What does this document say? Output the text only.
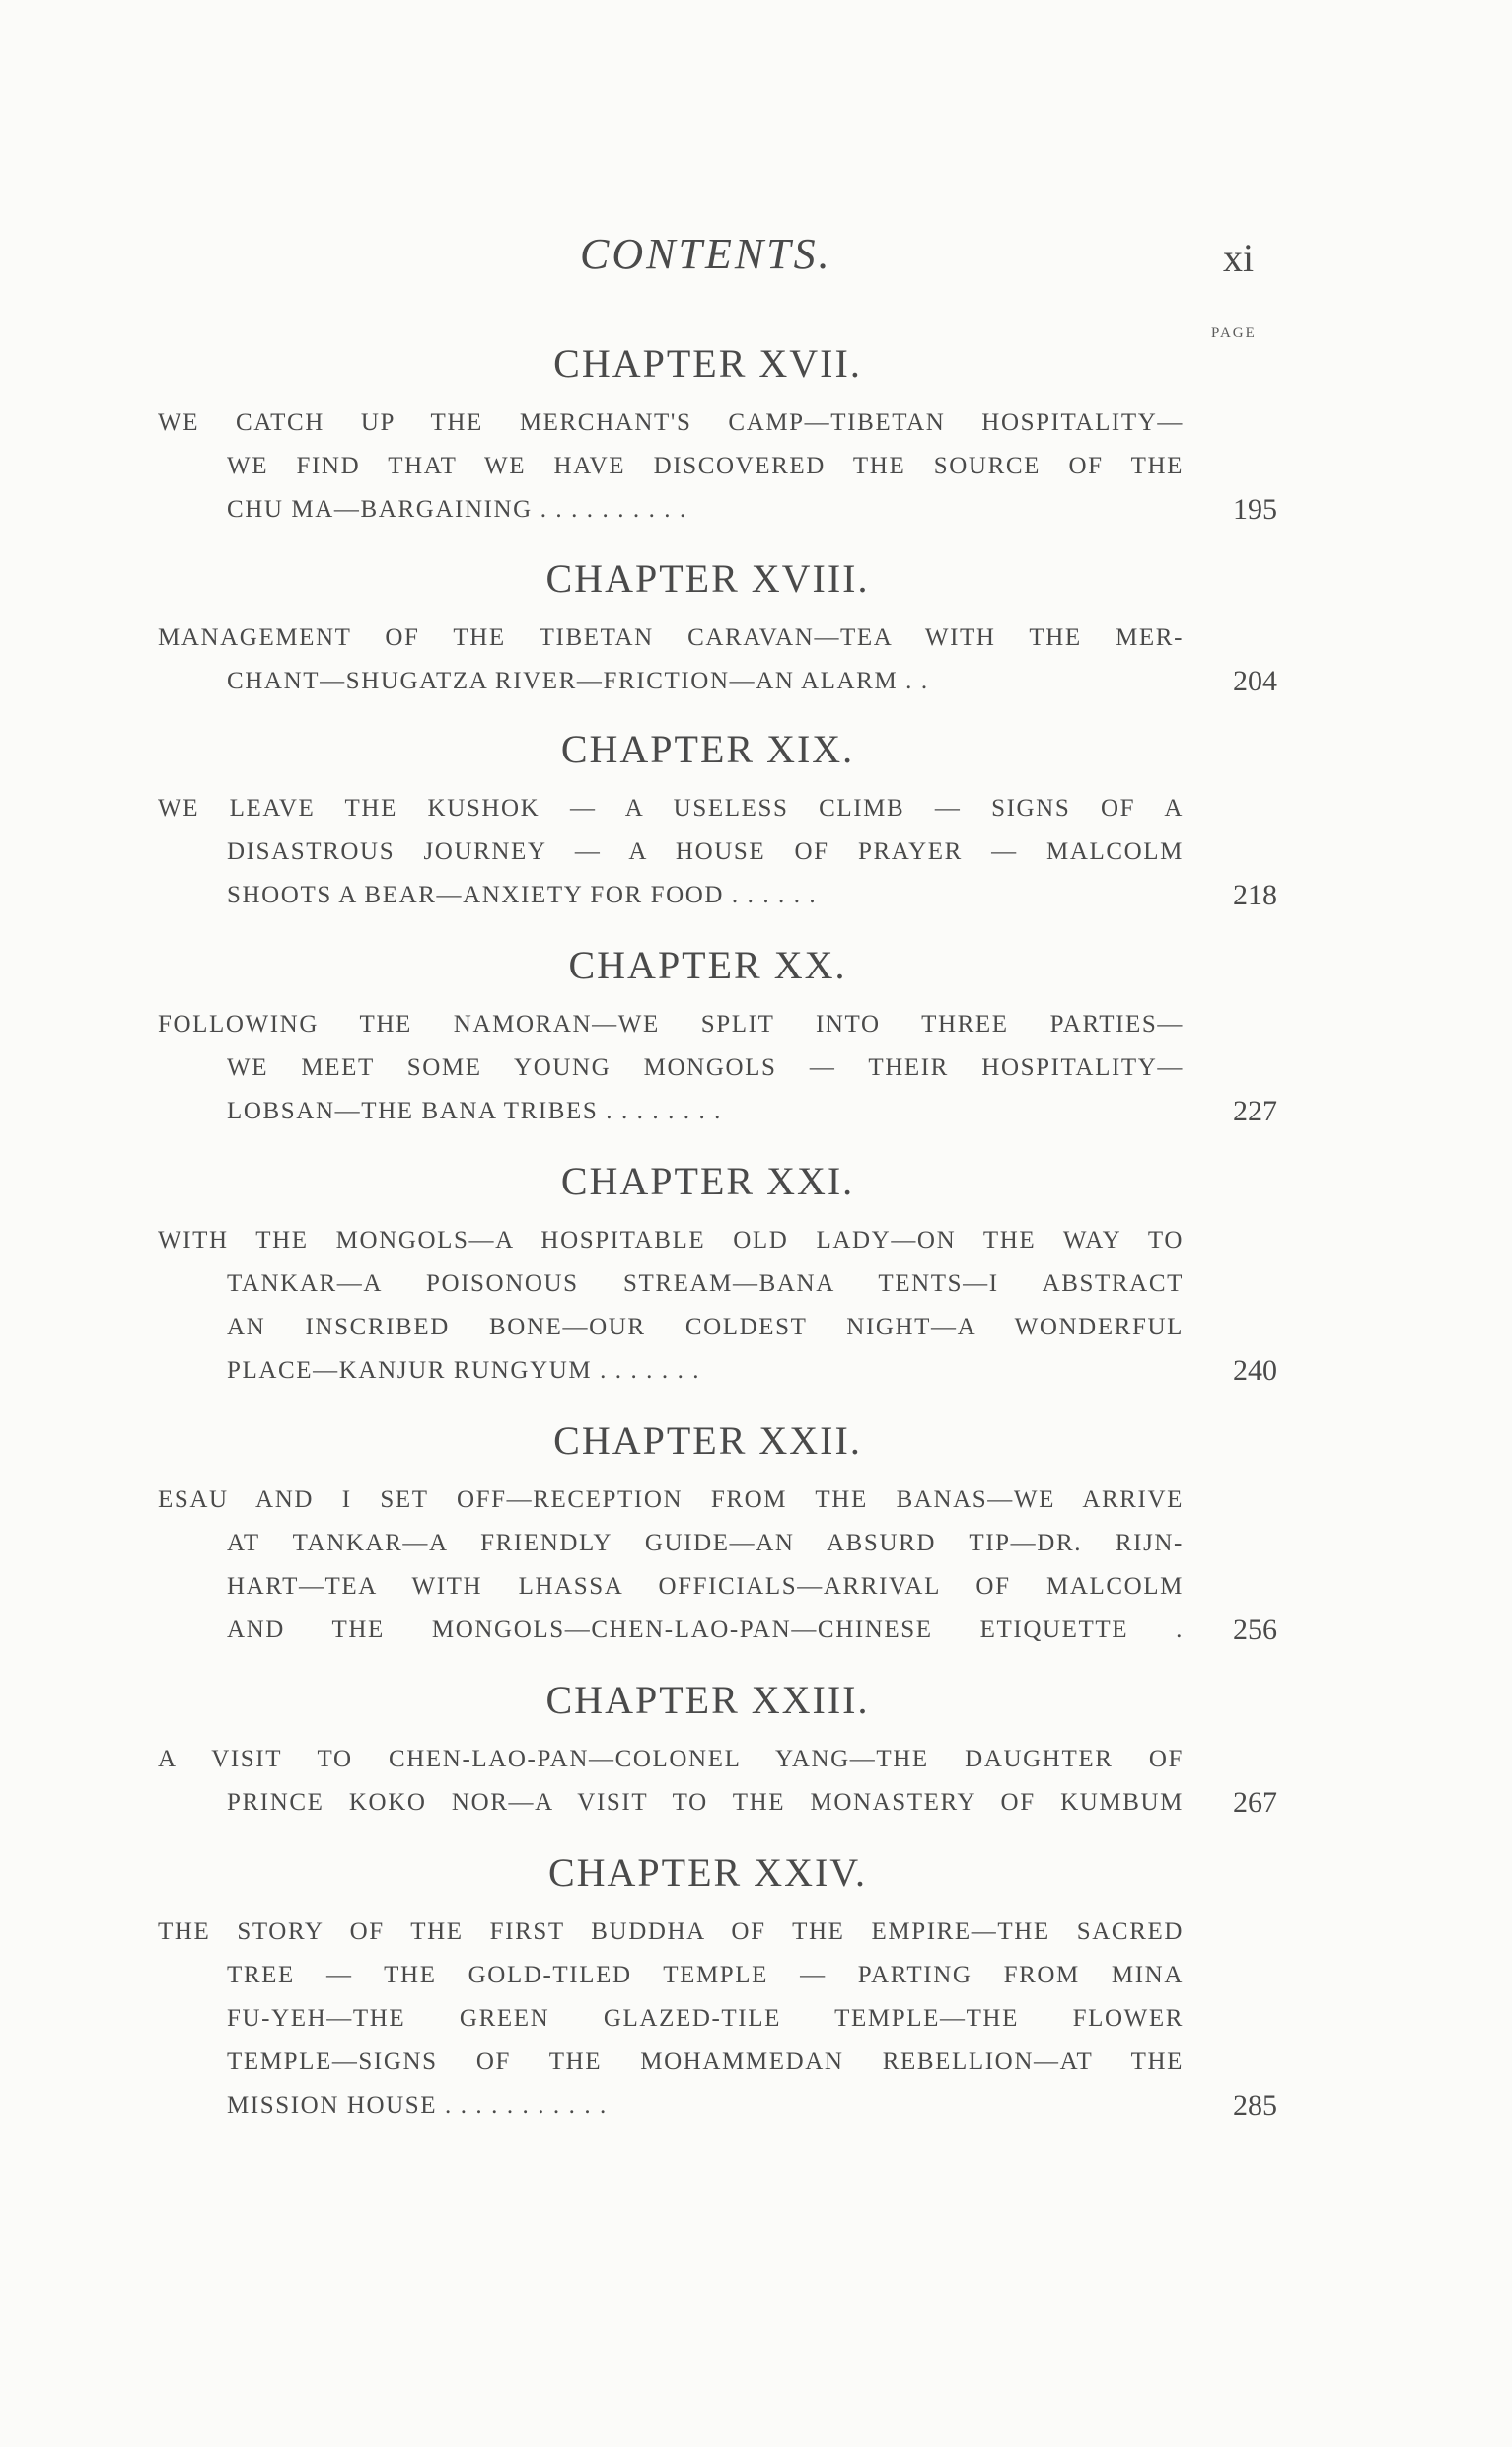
CONTENTS.	xi
PAGE
CHAPTER XVII.
WE CATCH UP THE MERCHANT'S CAMP—TIBETAN HOSPITALITY—
WE FIND THAT WE HAVE DISCOVERED THE SOURCE OF THE
CHU MA—BARGAINING . . . . . . . . . .	195
CHAPTER XVIII.
MANAGEMENT OF THE TIBETAN CARAVAN—TEA WITH THE MER-
CHANT—SHUGATZA RIVER—FRICTION—AN ALARM . .	204
CHAPTER XIX.
WE LEAVE THE KUSHOK — A USELESS CLIMB — SIGNS OF A
DISASTROUS JOURNEY — A HOUSE OF PRAYER — MALCOLM
SHOOTS A BEAR—ANXIETY FOR FOOD . . . . . .	218
CHAPTER XX.
FOLLOWING THE NAMORAN—WE SPLIT INTO THREE PARTIES—
WE MEET SOME YOUNG MONGOLS — THEIR HOSPITALITY—
LOBSAN—THE BANA TRIBES . . . . . . . .	227
CHAPTER XXI.
WITH THE MONGOLS—A HOSPITABLE OLD LADY—ON THE WAY TO
TANKAR—A POISONOUS STREAM—BANA TENTS—I ABSTRACT
AN INSCRIBED BONE—OUR COLDEST NIGHT—A WONDERFUL
PLACE—KANJUR RUNGYUM . . . . . . .	240
CHAPTER XXII.
ESAU AND I SET OFF—RECEPTION FROM THE BANAS—WE ARRIVE
AT TANKAR—A FRIENDLY GUIDE—AN ABSURD TIP—DR. RIJN-
HART—TEA WITH LHASSA OFFICIALS—ARRIVAL OF MALCOLM
AND THE MONGOLS—CHEN-LAO-PAN—CHINESE ETIQUETTE .	256
CHAPTER XXIII.
A VISIT TO CHEN-LAO-PAN—COLONEL YANG—THE DAUGHTER OF
PRINCE KOKO NOR—A VISIT TO THE MONASTERY OF KUMBUM	267
CHAPTER XXIV.
THE STORY OF THE FIRST BUDDHA OF THE EMPIRE—THE SACRED
TREE — THE GOLD-TILED TEMPLE — PARTING FROM MINA
FU-YEH—THE GREEN GLAZED-TILE TEMPLE—THE FLOWER
TEMPLE—SIGNS OF THE MOHAMMEDAN REBELLION—AT THE
MISSION HOUSE . . . . . . . . . . .	285
